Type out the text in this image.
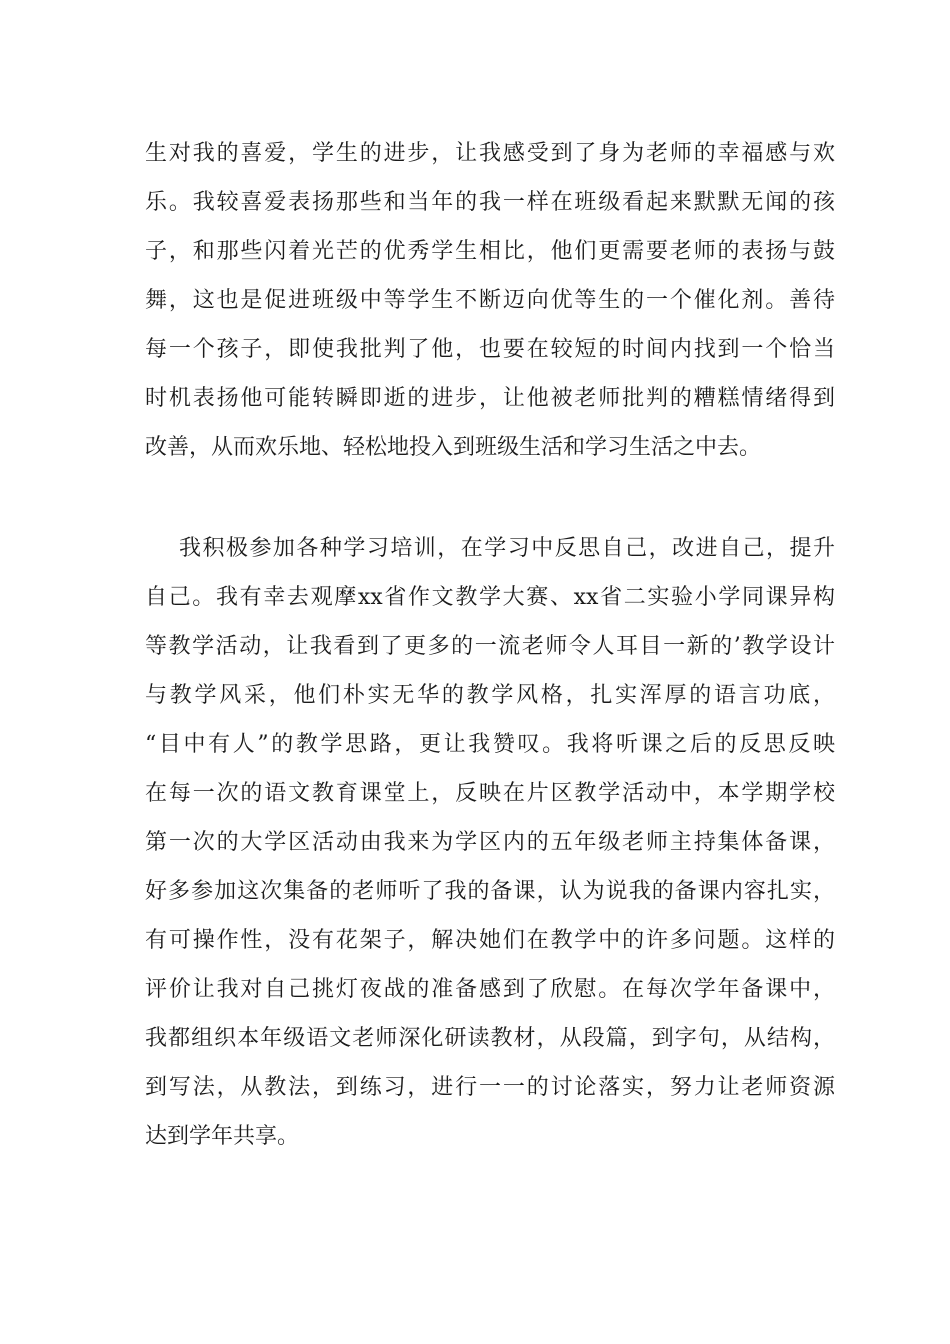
生对我的喜爱，学生的进步，让我感受到了身为老师的幸福感与欢
乐。我较喜爱表扬那些和当年的我一样在班级看起来默默无闻的孩
子，和那些闪着光芒的优秀学生相比，他们更需要老师的表扬与鼓
舞，这也是促进班级中等学生不断迈向优等生的一个催化剂。善待
每一个孩子，即使我批判了他，也要在较短的时间内找到一个恰当
时机表扬他可能转瞬即逝的进步，让他被老师批判的糟糕情绪得到
改善，从而欢乐地、轻松地投入到班级生活和学习生活之中去。
我积极参加各种学习培训，在学习中反思自己，改进自己，提升
自己。我有幸去观摩xx省作文教学大赛、xx省二实验小学同课异构
等教学活动，让我看到了更多的一流老师令人耳目一新的’教学设计
与教学风采，他们朴实无华的教学风格，扎实浑厚的语言功底，
“目中有人”的教学思路，更让我赞叹。我将听课之后的反思反映
在每一次的语文教育课堂上，反映在片区教学活动中，本学期学校
第一次的大学区活动由我来为学区内的五年级老师主持集体备课，
好多参加这次集备的老师听了我的备课，认为说我的备课内容扎实，
有可操作性，没有花架子，解决她们在教学中的许多问题。这样的
评价让我对自己挑灯夜战的准备感到了欣慰。在每次学年备课中，
我都组织本年级语文老师深化研读教材，从段篇，到字句，从结构，
到写法，从教法，到练习，进行一一的讨论落实，努力让老师资源
达到学年共享。
